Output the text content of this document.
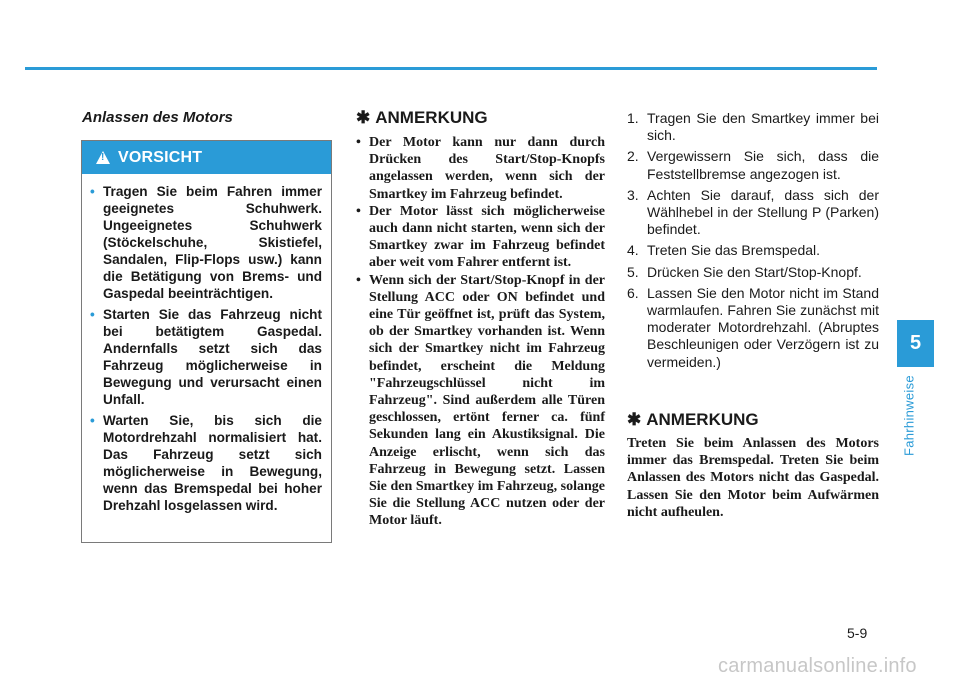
Anlassen des Motors
!
VORSICHT
• Tragen Sie beim Fahren immer geeignetes Schuhwerk. Ungeeignetes Schuhwerk (Stöckelschuhe, Skistiefel, Sandalen, Flip-Flops usw.) kann die Betätigung von Brems- und Gaspedal beeinträchtigen.
• Starten Sie das Fahrzeug nicht bei betätigtem Gaspedal. Andernfalls setzt sich das Fahrzeug möglicherweise in Bewegung und verursacht einen Unfall.
• Warten Sie, bis sich die Motordrehzahl normalisiert hat. Das Fahrzeug setzt sich möglicherweise in Bewegung, wenn das Bremspedal bei hoher Drehzahl losgelassen wird.
✱ ANMERKUNG
• Der Motor kann nur dann durch Drücken des Start/Stop-Knopfs angelassen werden, wenn sich der Smartkey im Fahrzeug befindet.
• Der Motor lässt sich möglicherweise auch dann nicht starten, wenn sich der Smartkey zwar im Fahrzeug befindet aber weit vom Fahrer entfernt ist.
• Wenn sich der Start/Stop-Knopf in der Stellung ACC oder ON befindet und eine Tür geöffnet ist, prüft das System, ob der Smartkey vorhanden ist. Wenn sich der Smartkey nicht im Fahrzeug befindet, erscheint die Meldung "Fahrzeugschlüssel nicht im Fahrzeug". Sind außerdem alle Türen geschlossen, ertönt ferner ca. fünf Sekunden lang ein Akustiksignal. Die Anzeige erlischt, wenn sich das Fahrzeug in Bewegung setzt. Lassen Sie den Smartkey im Fahrzeug, solange Sie die Stellung ACC nutzen oder der Motor läuft.
1. Tragen Sie den Smartkey immer bei sich.
2. Vergewissern Sie sich, dass die Feststellbremse angezogen ist.
3. Achten Sie darauf, dass sich der Wählhebel in der Stellung P (Parken) befindet.
4. Treten Sie das Bremspedal.
5. Drücken Sie den Start/Stop-Knopf.
6. Lassen Sie den Motor nicht im Stand warmlaufen. Fahren Sie zunächst mit moderater Motordrehzahl. (Abruptes Beschleunigen oder Verzögern ist zu vermeiden.)
✱ ANMERKUNG

Treten Sie beim Anlassen des Motors immer das Bremspedal. Treten Sie beim Anlassen des Motors nicht das Gaspedal. Lassen Sie den Motor beim Aufwärmen nicht aufheulen.

5
Fahrhinweise
5-9
carmanualsonline.info
